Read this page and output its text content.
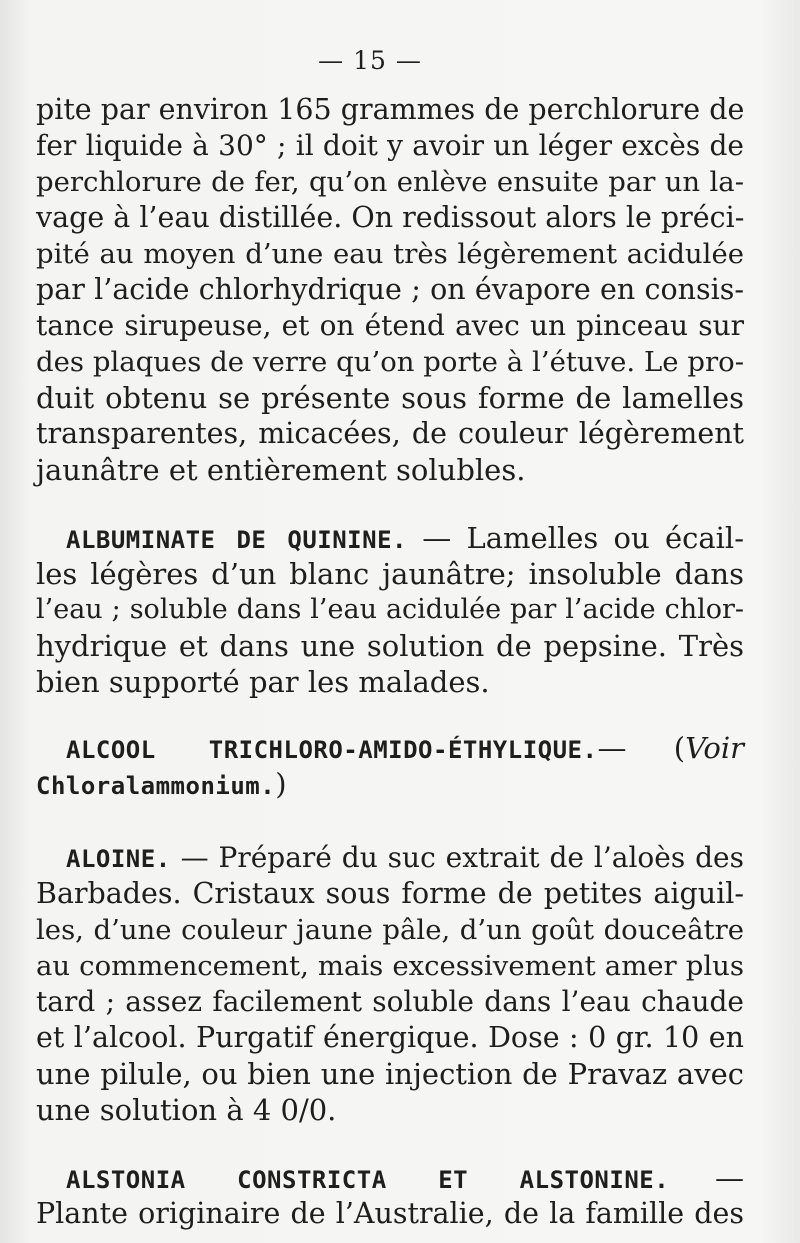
— 15 —
pite par environ 165 grammes de perchlorure de
fer liquide à 30° ; il doit y avoir un léger excès de
perchlorure de fer, qu’on enlève ensuite par un la-
vage à l’eau distillée. On redissout alors le préci-
pité au moyen d’une eau très légèrement acidulée
par l’acide chlorhydrique ; on évapore en consis-
tance sirupeuse, et on étend avec un pinceau sur
des plaques de verre qu’on porte à l’étuve. Le pro-
duit obtenu se présente sous forme de lamelles
transparentes, micacées, de couleur légèrement
jaunâtre et entièrement solubles.
ALBUMINATE DE QUININE. — Lamelles ou écail-
les légères d’un blanc jaunâtre; insoluble dans
l’eau ; soluble dans l’eau acidulée par l’acide chlor-
hydrique et dans une solution de pepsine. Très
bien supporté par les malades.
ALCOOL TRICHLORO-AMIDO-ÉTHYLIQUE.— (Voir
Chloralammonium.)
ALOINE. — Préparé du suc extrait de l’aloès des
Barbades. Cristaux sous forme de petites aiguil-
les, d’une couleur jaune pâle, d’un goût douceâtre
au commencement, mais excessivement amer plus
tard ; assez facilement soluble dans l’eau chaude
et l’alcool. Purgatif énergique. Dose : 0 gr. 10 en
une pilule, ou bien une injection de Pravaz avec
une solution à 4 0/0.
ALSTONIA CONSTRICTA ET ALSTONINE. —
Plante originaire de l’Australie, de la famille des
